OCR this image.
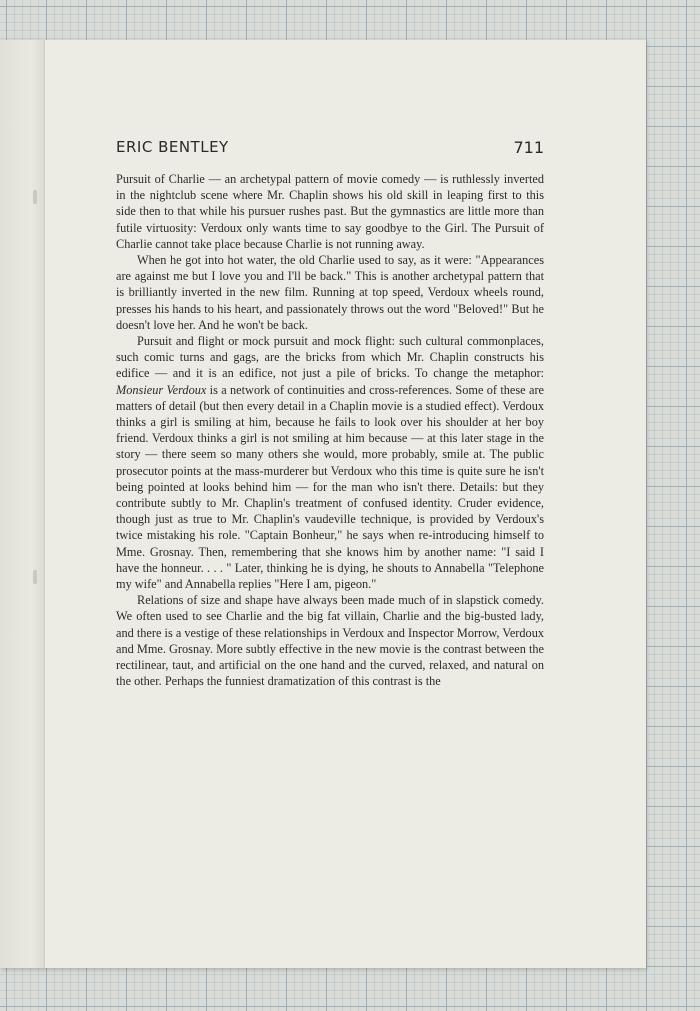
ERIC BENTLEY	711

Pursuit of Charlie — an archetypal pattern of movie comedy — is ruthlessly inverted in the nightclub scene where Mr. Chaplin shows his old skill in leaping first to this side then to that while his pursuer rushes past. But the gymnastics are little more than futile virtuosity: Verdoux only wants time to say goodbye to the Girl. The Pursuit of Charlie cannot take place because Charlie is not running away.

When he got into hot water, the old Charlie used to say, as it were: "Appearances are against me but I love you and I'll be back." This is another archetypal pattern that is brilliantly inverted in the new film. Running at top speed, Verdoux wheels round, presses his hands to his heart, and passionately throws out the word "Beloved!" But he doesn't love her. And he won't be back.

Pursuit and flight or mock pursuit and mock flight: such cultural commonplaces, such comic turns and gags, are the bricks from which Mr. Chaplin constructs his edifice — and it is an edifice, not just a pile of bricks. To change the metaphor: Monsieur Verdoux is a network of continuities and cross-references. Some of these are matters of detail (but then every detail in a Chaplin movie is a studied effect). Verdoux thinks a girl is smiling at him, because he fails to look over his shoulder at her boy friend. Verdoux thinks a girl is not smiling at him because — at this later stage in the story — there seem so many others she would, more probably, smile at. The public prosecutor points at the mass-murderer but Verdoux who this time is quite sure he isn't being pointed at looks behind him — for the man who isn't there. Details: but they contribute subtly to Mr. Chaplin's treatment of confused identity. Cruder evidence, though just as true to Mr. Chaplin's vaudeville technique, is provided by Verdoux's twice mistaking his role. "Captain Bonheur," he says when re-introducing himself to Mme. Grosnay. Then, remembering that she knows him by another name: "I said I have the honneur. . . . " Later, thinking he is dying, he shouts to Annabella "Telephone my wife" and Annabella replies "Here I am, pigeon."

Relations of size and shape have always been made much of in slapstick comedy. We often used to see Charlie and the big fat villain, Charlie and the big-busted lady, and there is a vestige of these relationships in Verdoux and Inspector Morrow, Verdoux and Mme. Grosnay. More subtly effective in the new movie is the contrast between the rectilinear, taut, and artificial on the one hand and the curved, relaxed, and natural on the other. Perhaps the funniest dramatization of this contrast is the
